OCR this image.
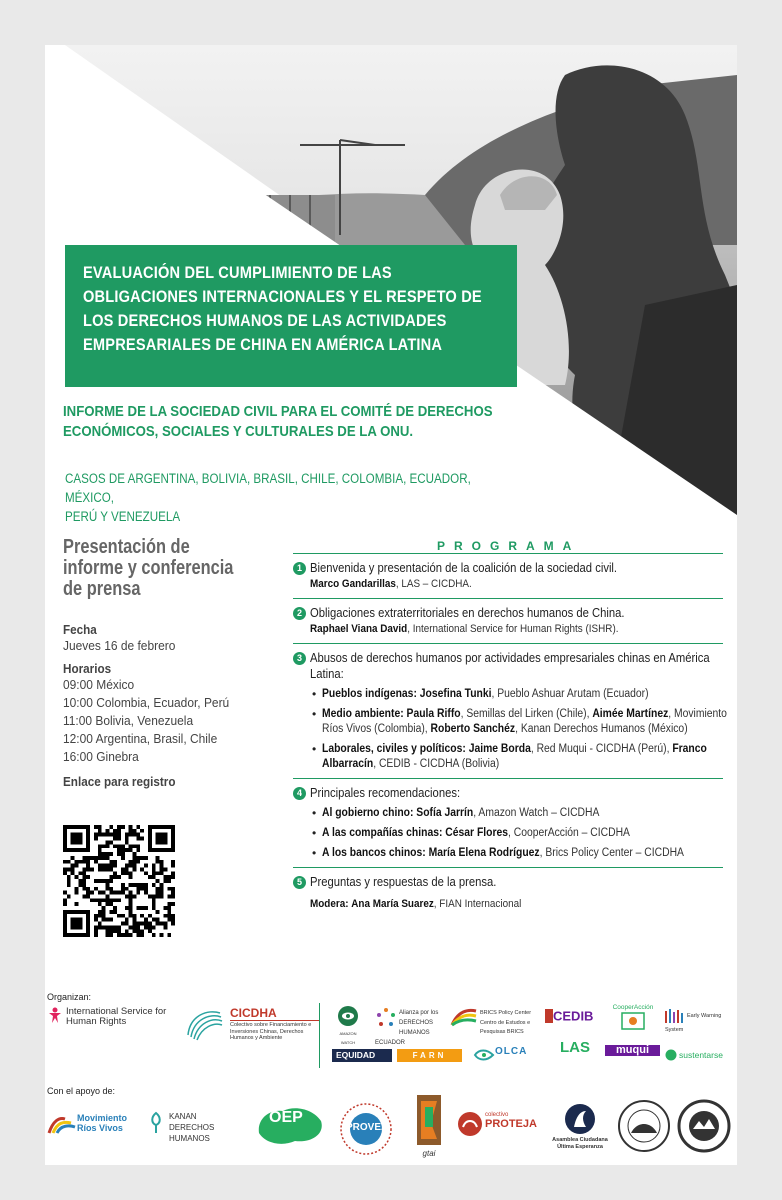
EVALUACIÓN DEL CUMPLIMIENTO DE LAS
OBLIGACIONES INTERNACIONALES Y EL RESPETO DE
LOS DERECHOS HUMANOS DE LAS ACTIVIDADES
EMPRESARIALES DE CHINA EN AMÉRICA LATINA
INFORME DE LA SOCIEDAD CIVIL PARA EL COMITÉ DE DERECHOS
ECONÓMICOS, SOCIALES Y CULTURALES DE LA ONU.
CASOS DE ARGENTINA, BOLIVIA, BRASIL, CHILE, COLOMBIA, ECUADOR, MÉXICO,
PERÚ Y VENEZUELA
Presentación de
informe y conferencia
de prensa
Fecha
Jueves 16 de febrero
Horarios
09:00 México
10:00 Colombia, Ecuador, Perú
11:00 Bolivia, Venezuela
12:00 Argentina, Brasil, Chile
16:00 Ginebra
Enlace para registro
PROGRAMA
1 Bienvenida y presentación de la coalición de la sociedad civil.
Marco Gandarillas, LAS – CICDHA.
2 Obligaciones extraterritoriales en derechos humanos de China.
Raphael Viana David, International Service for Human Rights (ISHR).
3 Abusos de derechos humanos por actividades empresariales chinas en América Latina:
• Pueblos indígenas: Josefina Tunki, Pueblo Ashuar Arutam (Ecuador)
• Medio ambiente: Paula Riffo, Semillas del Lirken (Chile), Aimée Martínez, Movimiento Ríos Vivos (Colombia), Roberto Sanchéz, Kanan Derechos Humanos (México)
• Laborales, civiles y políticos: Jaime Borda, Red Muqui - CICDHA (Perú), Franco Albarracín, CEDIB - CICDHA (Bolivia)
4 Principales recomendaciones:
• Al gobierno chino: Sofía Jarrín, Amazon Watch – CICDHA
• A las compañías chinas: César Flores, CooperAcción – CICDHA
• A los bancos chinos: María Elena Rodríguez, Brics Policy Center – CICDHA
5 Preguntas y respuestas de la prensa.
Modera: Ana María Suarez, FIAN Internacional
Organizan:
International Service for Human Rights
CICDHA
Colectivo sobre Financiamiento e Inversiones Chinas, Derechos Humanos y Ambiente
AMAZON WATCH
Alianza por los DERECHOS HUMANOS ECUADOR
BRICS Policy Center Centro de Estudos e Pesquisas BRICS
CEDIB
CooperAcción
Early Warning System
EQUIDAD	FARN	OLCA	LAS	muqui	sustentarse
Con el apoyo de:
Movimiento Ríos Vivos
KANAN DERECHOS HUMANOS
OEP
PROVEA
gtai
colectivo
PROTEJA
Asamblea Ciudadana Última Esperanza
